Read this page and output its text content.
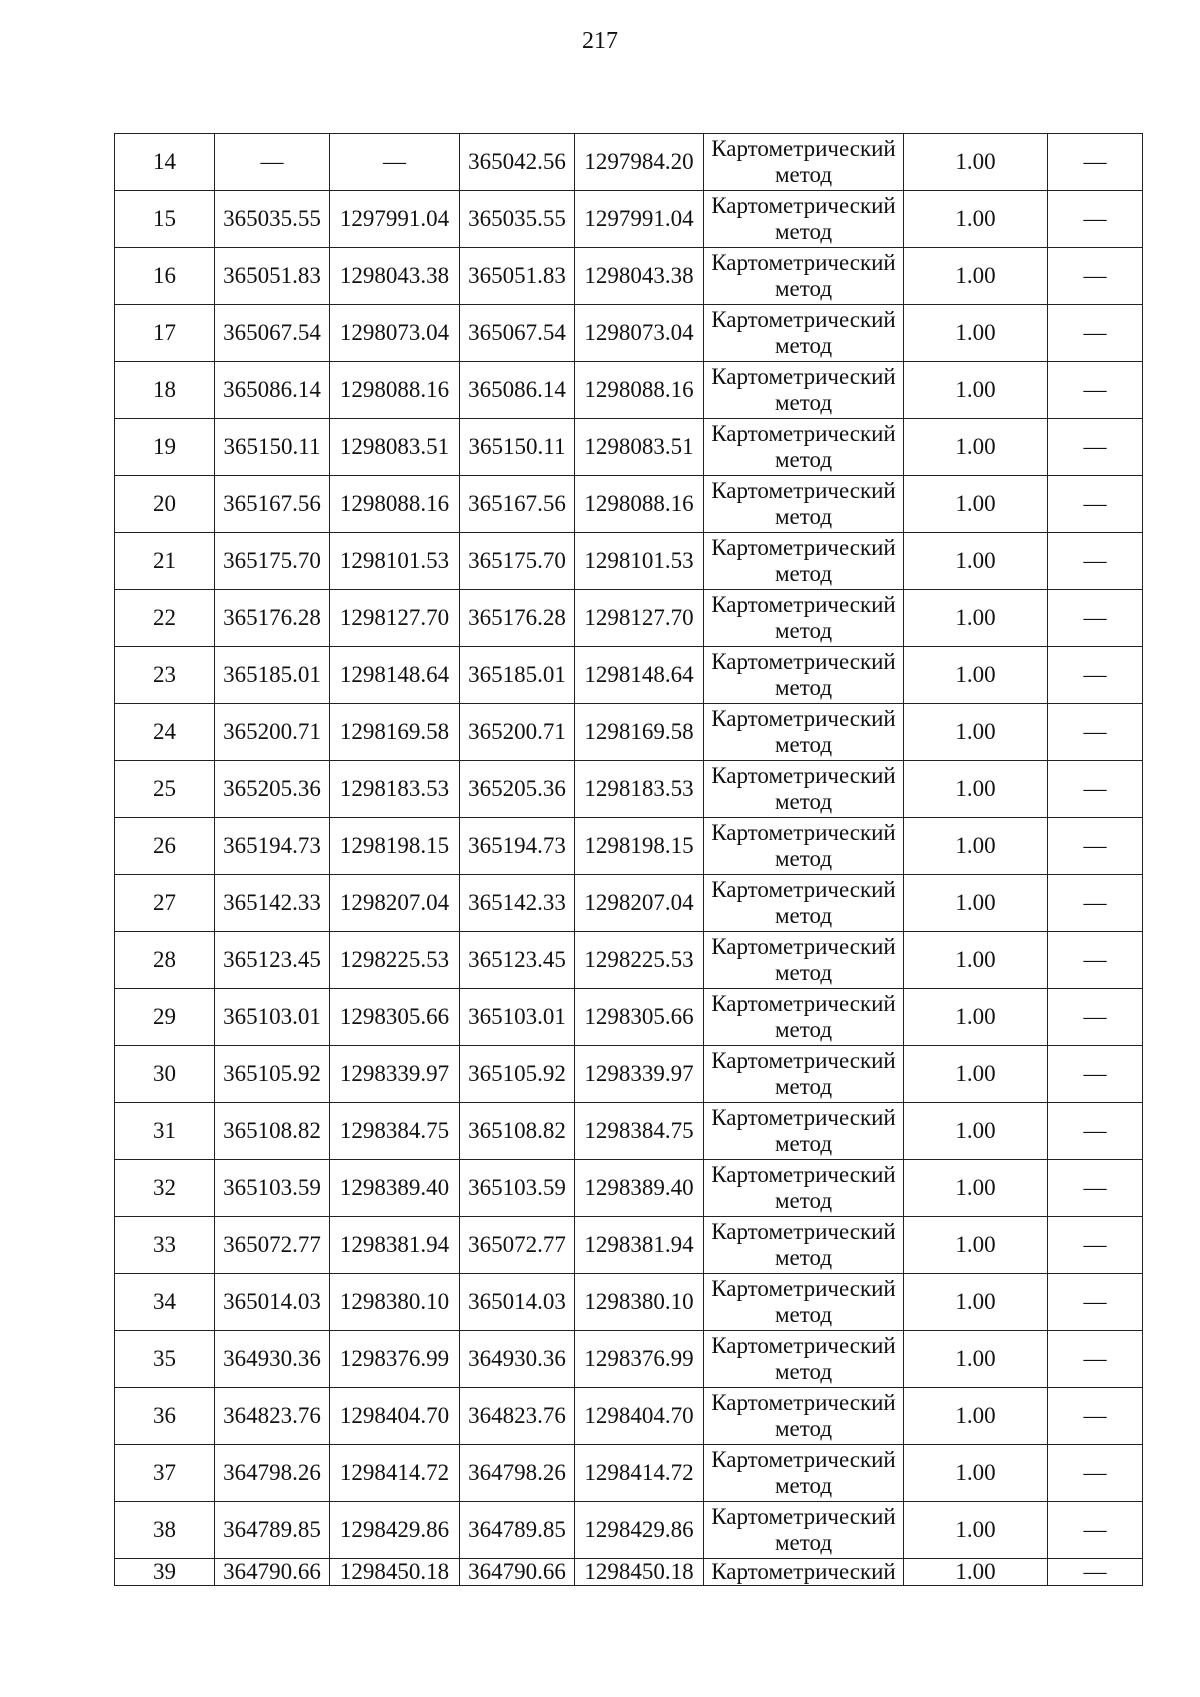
217
14	—	—	365042.56	1297984.20	Картометрический
метод	1.00	—
15	365035.55	1297991.04	365035.55	1297991.04	Картометрический
метод	1.00	—
16	365051.83	1298043.38	365051.83	1298043.38	Картометрический
метод	1.00	—
17	365067.54	1298073.04	365067.54	1298073.04	Картометрический
метод	1.00	—
18	365086.14	1298088.16	365086.14	1298088.16	Картометрический
метод	1.00	—
19	365150.11	1298083.51	365150.11	1298083.51	Картометрический
метод	1.00	—
20	365167.56	1298088.16	365167.56	1298088.16	Картометрический
метод	1.00	—
21	365175.70	1298101.53	365175.70	1298101.53	Картометрический
метод	1.00	—
22	365176.28	1298127.70	365176.28	1298127.70	Картометрический
метод	1.00	—
23	365185.01	1298148.64	365185.01	1298148.64	Картометрический
метод	1.00	—
24	365200.71	1298169.58	365200.71	1298169.58	Картометрический
метод	1.00	—
25	365205.36	1298183.53	365205.36	1298183.53	Картометрический
метод	1.00	—
26	365194.73	1298198.15	365194.73	1298198.15	Картометрический
метод	1.00	—
27	365142.33	1298207.04	365142.33	1298207.04	Картометрический
метод	1.00	—
28	365123.45	1298225.53	365123.45	1298225.53	Картометрический
метод	1.00	—
29	365103.01	1298305.66	365103.01	1298305.66	Картометрический
метод	1.00	—
30	365105.92	1298339.97	365105.92	1298339.97	Картометрический
метод	1.00	—
31	365108.82	1298384.75	365108.82	1298384.75	Картометрический
метод	1.00	—
32	365103.59	1298389.40	365103.59	1298389.40	Картометрический
метод	1.00	—
33	365072.77	1298381.94	365072.77	1298381.94	Картометрический
метод	1.00	—
34	365014.03	1298380.10	365014.03	1298380.10	Картометрический
метод	1.00	—
35	364930.36	1298376.99	364930.36	1298376.99	Картометрический
метод	1.00	—
36	364823.76	1298404.70	364823.76	1298404.70	Картометрический
метод	1.00	—
37	364798.26	1298414.72	364798.26	1298414.72	Картометрический
метод	1.00	—
38	364789.85	1298429.86	364789.85	1298429.86	Картометрический
метод	1.00	—
39	364790.66	1298450.18	364790.66	1298450.18	Картометрический	1.00	—
